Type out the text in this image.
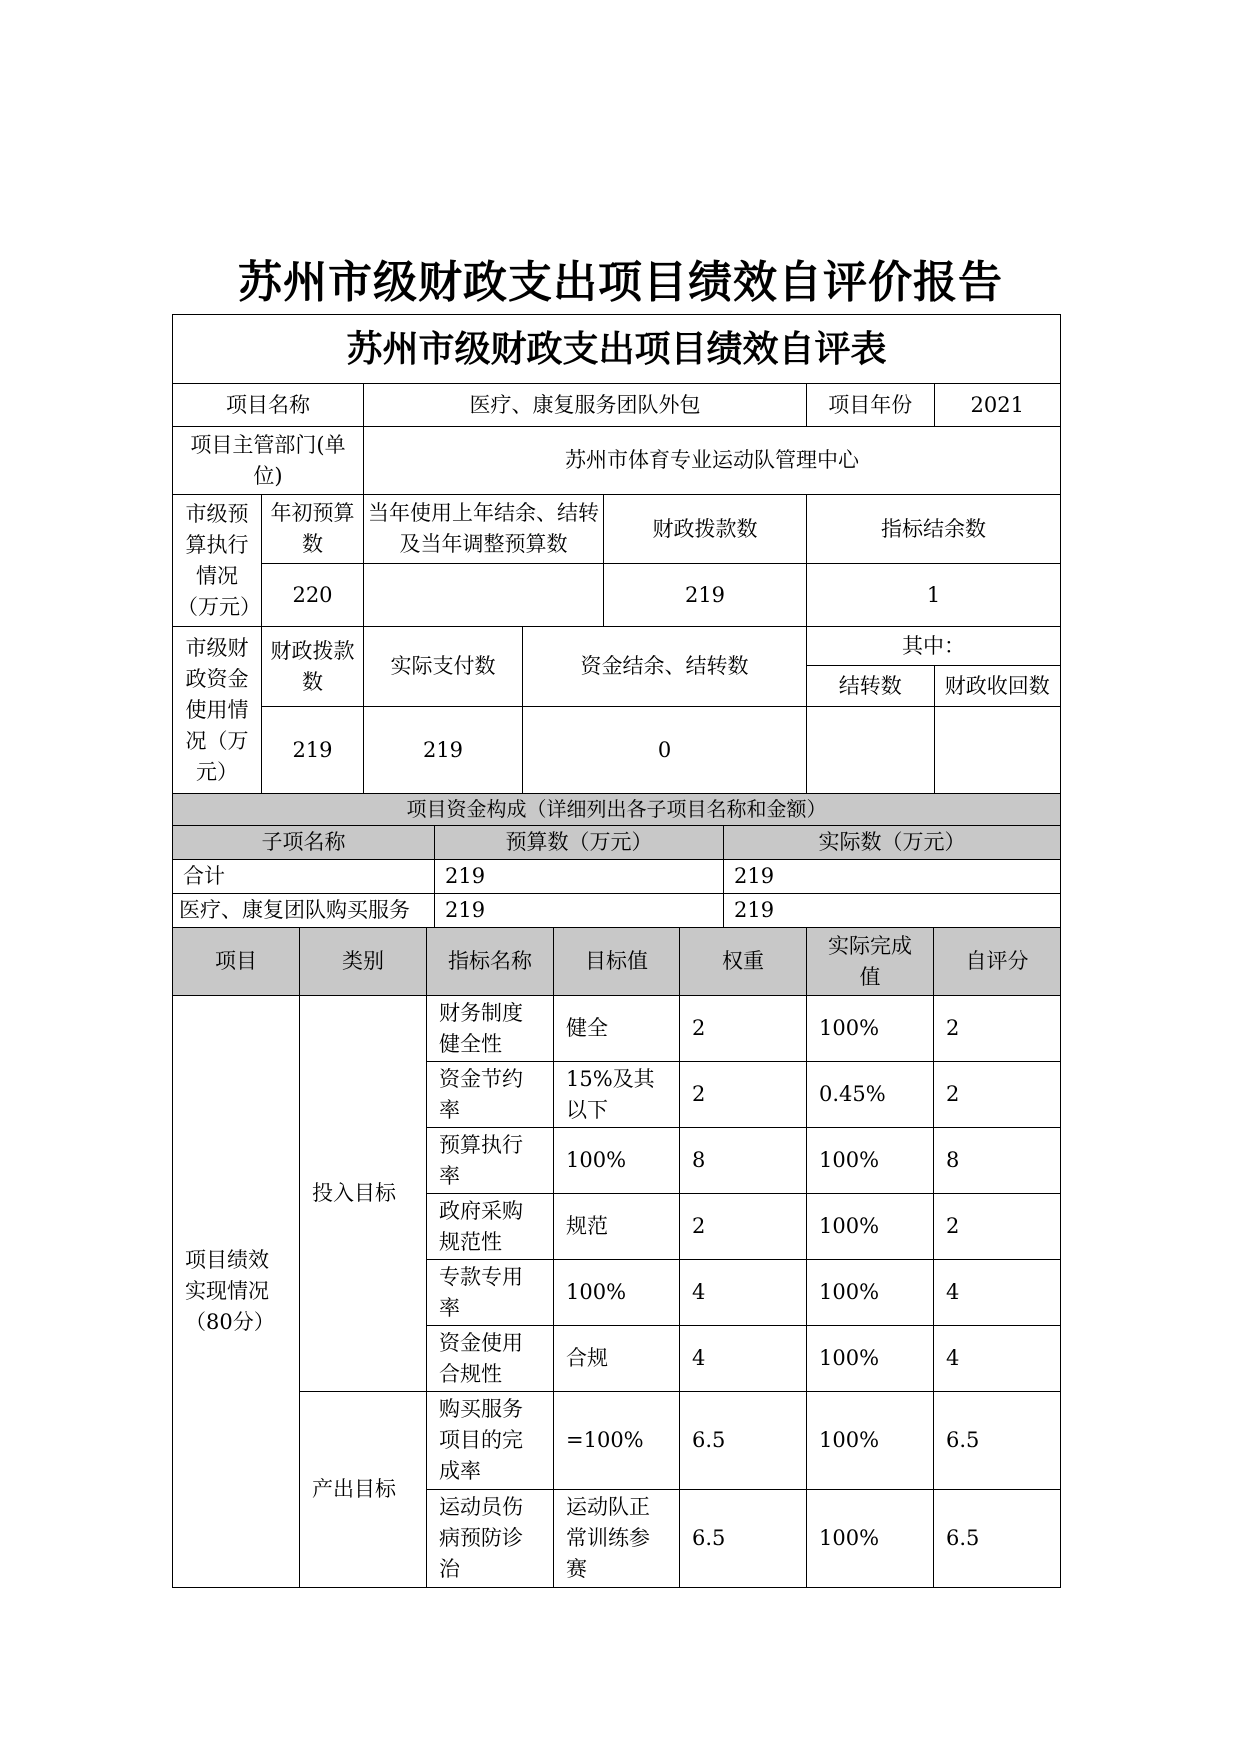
苏州市级财政支出项目绩效自评价报告
苏州市级财政支出项目绩效自评表					
项目名称		医疗、康复服务团队外包			项目年份 2021

项目主管部门(单位)		苏州市体育专业运动队管理中心			
市级预算执行情况（万元）	年初预算数	当年使用上年结余、结转及当年调整预算数		财政拨款数	指标结余数
	220			219	1
市级财政资金使用情况（万元）	财政拨款数	实际支付数	资金结余、结转数		其中：
结转数 财政收回数

	219	219	0		
项目资金构成（详细列出各子项目名称和金额）		
子项名称	预算数（万元）	实际数（万元）
合计	219	219
医疗、康复团队购买服务	219	219
项目	类别	指标名称	目标值	权重	实际完成值	自评分
项目绩效实现情况（80分）	投入目标	财务制度健全性	健全	2	100%	2
		资金节约率	15%及其以下	2	0.45%	2
		预算执行率	100%	8	100%	8
		政府采购规范性	规范	2	100%	2
		专款专用率	100%	4	100%	4
		资金使用合规性	合规	4	100%	4
	产出目标	购买服务项目的完成率	=100%	6.5	100%	6.5
		运动员伤病预防诊治	运动队正常训练参赛	6.5	100%	6.5
